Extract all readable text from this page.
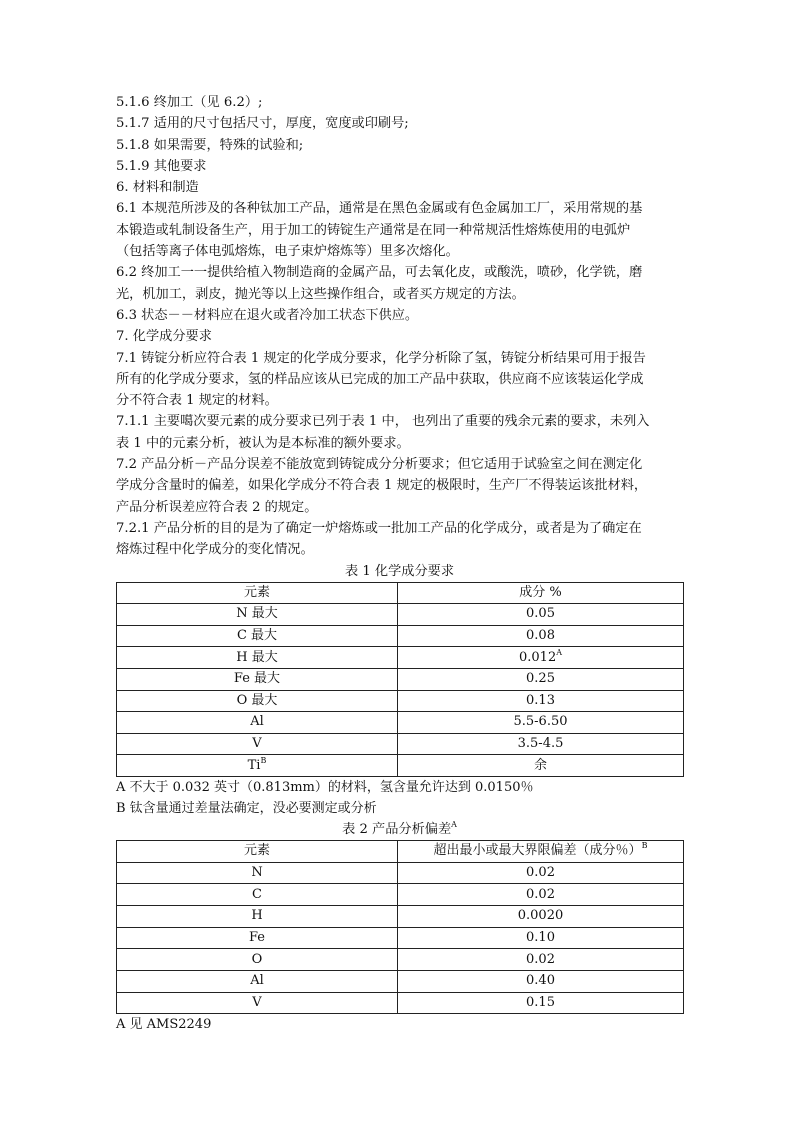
5.1.6 终加工（见 6.2）;
5.1.7 适用的尺寸包括尺寸，厚度，宽度或印刷号;
5.1.8 如果需要，特殊的试验和;
5.1.9 其他要求
6. 材料和制造
6.1 本规范所涉及的各种钛加工产品，通常是在黑色金属或有色金属加工厂，采用常规的基
本锻造或轧制设备生产，用于加工的铸锭生产通常是在同一种常规活性熔炼使用的电弧炉
（包括等离子体电弧熔炼，电子束炉熔炼等）里多次熔化。
6.2 终加工一一提供给植入物制造商的金属产品，可去氧化皮，或酸洗，喷砂，化学铣，磨
光，机加工，剥皮，抛光等以上这些操作组合，或者买方规定的方法。
6.3 状态－－材料应在退火或者冷加工状态下供应。
7. 化学成分要求
7.1 铸锭分析应符合表 1 规定的化学成分要求，化学分析除了氢，铸锭分析结果可用于报告
所有的化学成分要求，氢的样品应该从已完成的加工产品中获取，供应商不应该装运化学成
分不符合表 1 规定的材料。
7.1.1 主要噶次要元素的成分要求已列于表 1 中， 也列出了重要的残余元素的要求，未列入
表 1 中的元素分析，被认为是本标准的额外要求。
7.2 产品分析－产品分误差不能放宽到铸锭成分分析要求；但它适用于试验室之间在测定化
学成分含量时的偏差，如果化学成分不符合表 1 规定的极限时，生产厂不得装运该批材料，
产品分析误差应符合表 2 的规定。
7.2.1 产品分析的目的是为了确定一炉熔炼或一批加工产品的化学成分，或者是为了确定在
熔炼过程中化学成分的变化情况。
表 1 化学成分要求
元素	成分 %
N 最大	0.05
C 最大	0.08
H 最大	$0.012^A$
Fe 最大	0.25
O 最大	0.13
Al	5.5-6.50
V	3.5-4.5
$Ti^B$	余
A 不大于 0.032 英寸（0.813mm）的材料，氢含量允许达到 0.0150％
B 钛含量通过差量法确定，没必要测定或分析
表 2 产品分析偏差$^A$
元素	超出最小或最大界限偏差（成分％）$^B$
N	0.02
C	0.02
H	0.0020
Fe	0.10
O	0.02
Al	0.40
V	0.15
A 见 AMS2249
